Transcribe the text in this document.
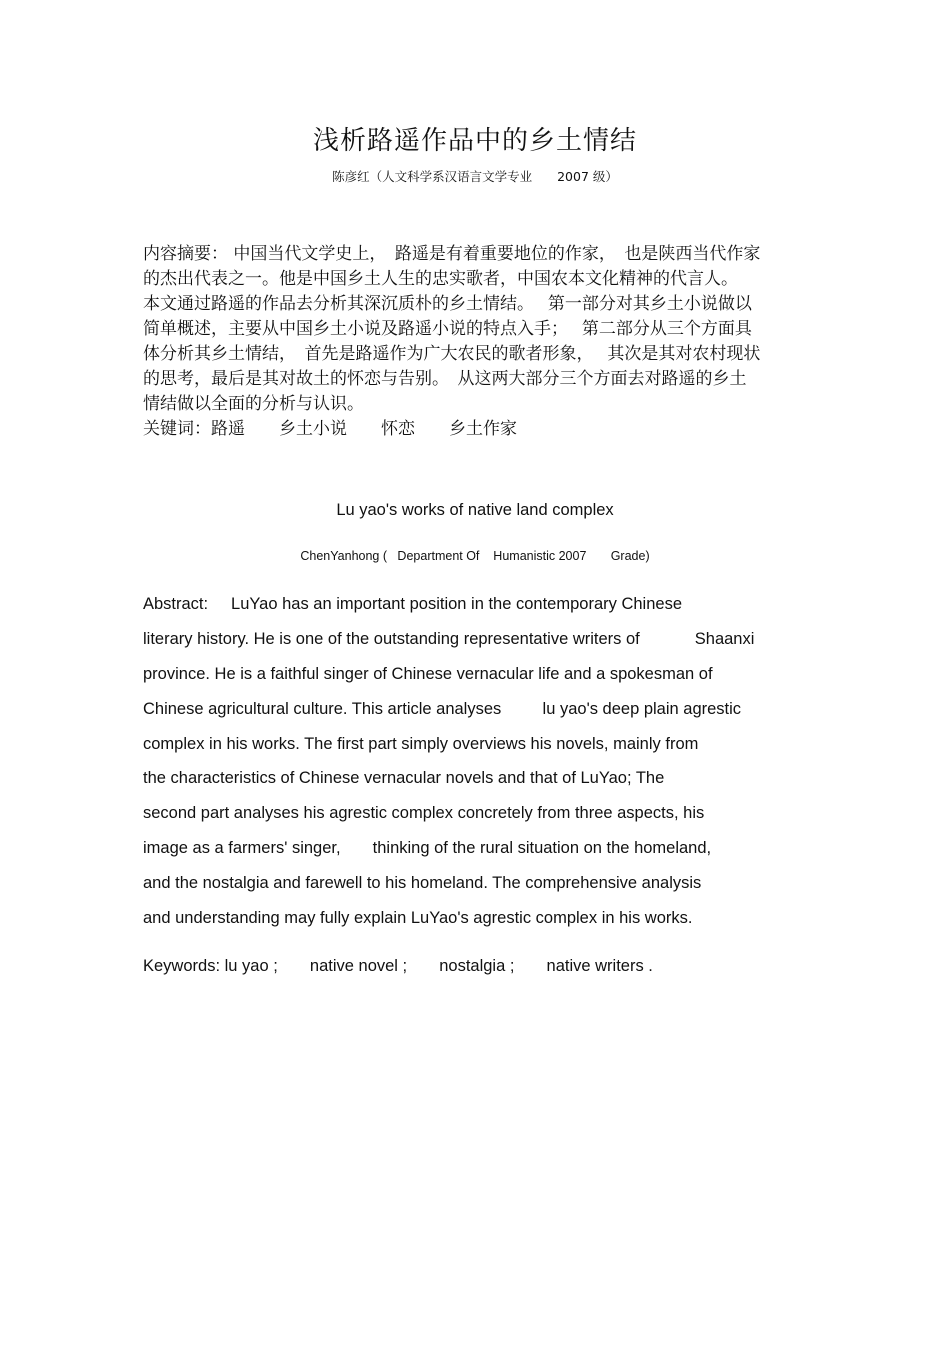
浅析路遥作品中的乡土情结
陈彦红（人文科学系汉语言文学专业　　2007 级）
内容摘要： 中国当代文学史上，　路遥是有着重要地位的作家，　也是陕西当代作家
的杰出代表之一。他是中国乡土人生的忠实歌者，中国农本文化精神的代言人。
本文通过路遥的作品去分析其深沉质朴的乡土情结。　 第一部分对其乡土小说做以
简单概述，主要从中国乡土小说及路遥小说的特点入手；　 第二部分从三个方面具
体分析其乡土情结，　首先是路遥作为广大农民的歌者形象，　 其次是其对农村现状
的思考，最后是其对故土的怀恋与告别。　从这两大部分三个方面去对路遥的乡土
情结做以全面的分析与认识。
关键词：路遥　　乡土小说　　怀恋　　乡土作家
Lu yao's works of native land complex
ChenYanhong (   Department Of    Humanistic 2007       Grade)
Abstract:     LuYao has an important position in the contemporary Chinese
literary history. He is one of the outstanding representative writers of            Shaanxi
province. He is a faithful singer of Chinese vernacular life and a spokesman of
Chinese agricultural culture. This article analyses         lu yao's deep plain agrestic
complex in his works. The first part simply overviews his novels, mainly from
the characteristics of Chinese vernacular novels and that of LuYao; The
second part analyses his agrestic complex concretely from three aspects, his
image as a farmers' singer,       thinking of the rural situation on the homeland,
and the nostalgia and farewell to his homeland. The comprehensive analysis
and understanding may fully explain LuYao's agrestic complex in his works.
Keywords: lu yao ;       native novel ;       nostalgia ;       native writers .
